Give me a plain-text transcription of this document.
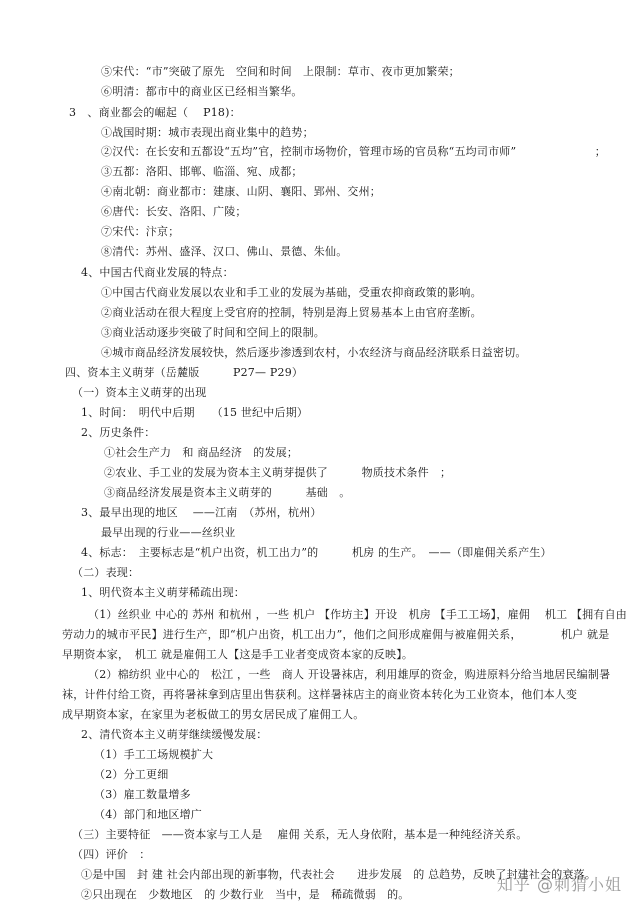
⑤宋代：“市”突破了原先　空间和时间　上限制：草市、夜市更加繁荣；
⑥明清：都市中的商业区已经相当繁华。
3　、商业都会的崛起（　 P18)：
①战国时期：城市表现出商业集中的趋势；
②汉代：在长安和五都设“五均”官，控制市场物价，管理市场的官员称“五均司市师”　　　　　　　；
③五都：洛阳、邯郸、临淄、宛、成都；
④南北朝：商业都市：建康、山阴、襄阳、郢州、交州；
⑥唐代：长安、洛阳、广陵；
⑦宋代：汴京；
⑧清代：苏州、盛泽、汉口、佛山、景德、朱仙。
4、中国古代商业发展的特点：
①中国古代商业发展以农业和手工业的发展为基础，受重农抑商政策的影响。
②商业活动在很大程度上受官府的控制，特别是海上贸易基本上由官府垄断。
③商业活动逐步突破了时间和空间上的限制。
④城市商品经济发展较快，然后逐步渗透到农村，小农经济与商品经济联系日益密切。
四、资本主义萌芽（岳麓版　　　P27— P29）
（一）资本主义萌芽的出现
1、时间：　明代中后期　　（15 世纪中后期）
2、历史条件：
①社会生产力　和 商品经济　的发展；
②农业、手工业的发展为资本主义萌芽提供了　　　物质技术条件　；
③商品经济发展是资本主义萌芽的　　　基础　。
3、最早出现的地区　 ——江南　（苏州，杭州）
最早出现的行业——丝织业
4、标志：　主要标志是“机户出资，机工出力”的　　　机房 的生产。　——（即雇佣关系产生）
（二）表现：
1、明代资本主义萌芽稀疏出现：
（1）丝织业 中心的 苏州 和杭州 ，一些 机户 【作坊主】开设　机房 【手工工场】，雇佣　 机工 【拥有自由
劳动力的城市平民】进行生产，即“机户出资，机工出力”，他们之间形成雇佣与被雇佣关系，　　　　机户 就是
早期资本家，　机工 就是雇佣工人【这是手工业者变成资本家的反映】。
（2）棉纺织 业中心的　松江 ，一些　商人 开设暑袜店，利用雄厚的资金，购进原料分给当地居民编制暑
袜，计件付给工资，再将暑袜拿到店里出售获利。这样暑袜店主的商业资本转化为工业资本，他们本人变
成早期资本家，在家里为老板做工的男女居民成了雇佣工人。
2、清代资本主义萌芽继续缓慢发展：
（1）手工工场规模扩大
（2）分工更细
（3）雇工数量增多
（4）部门和地区增广
（三）主要特征　——资本家与工人是　 雇佣 关系，无人身依附，基本是一种纯经济关系。
（四）评价　：
①是中国　封 建 社会内部出现的新事物，代表社会　　进步发展　的 总趋势，反映了封建社会的衰落。
②只出现在　少数地区　的 少数行业　当中，是　稀疏微弱　的。
知乎 @刺猬小姐
